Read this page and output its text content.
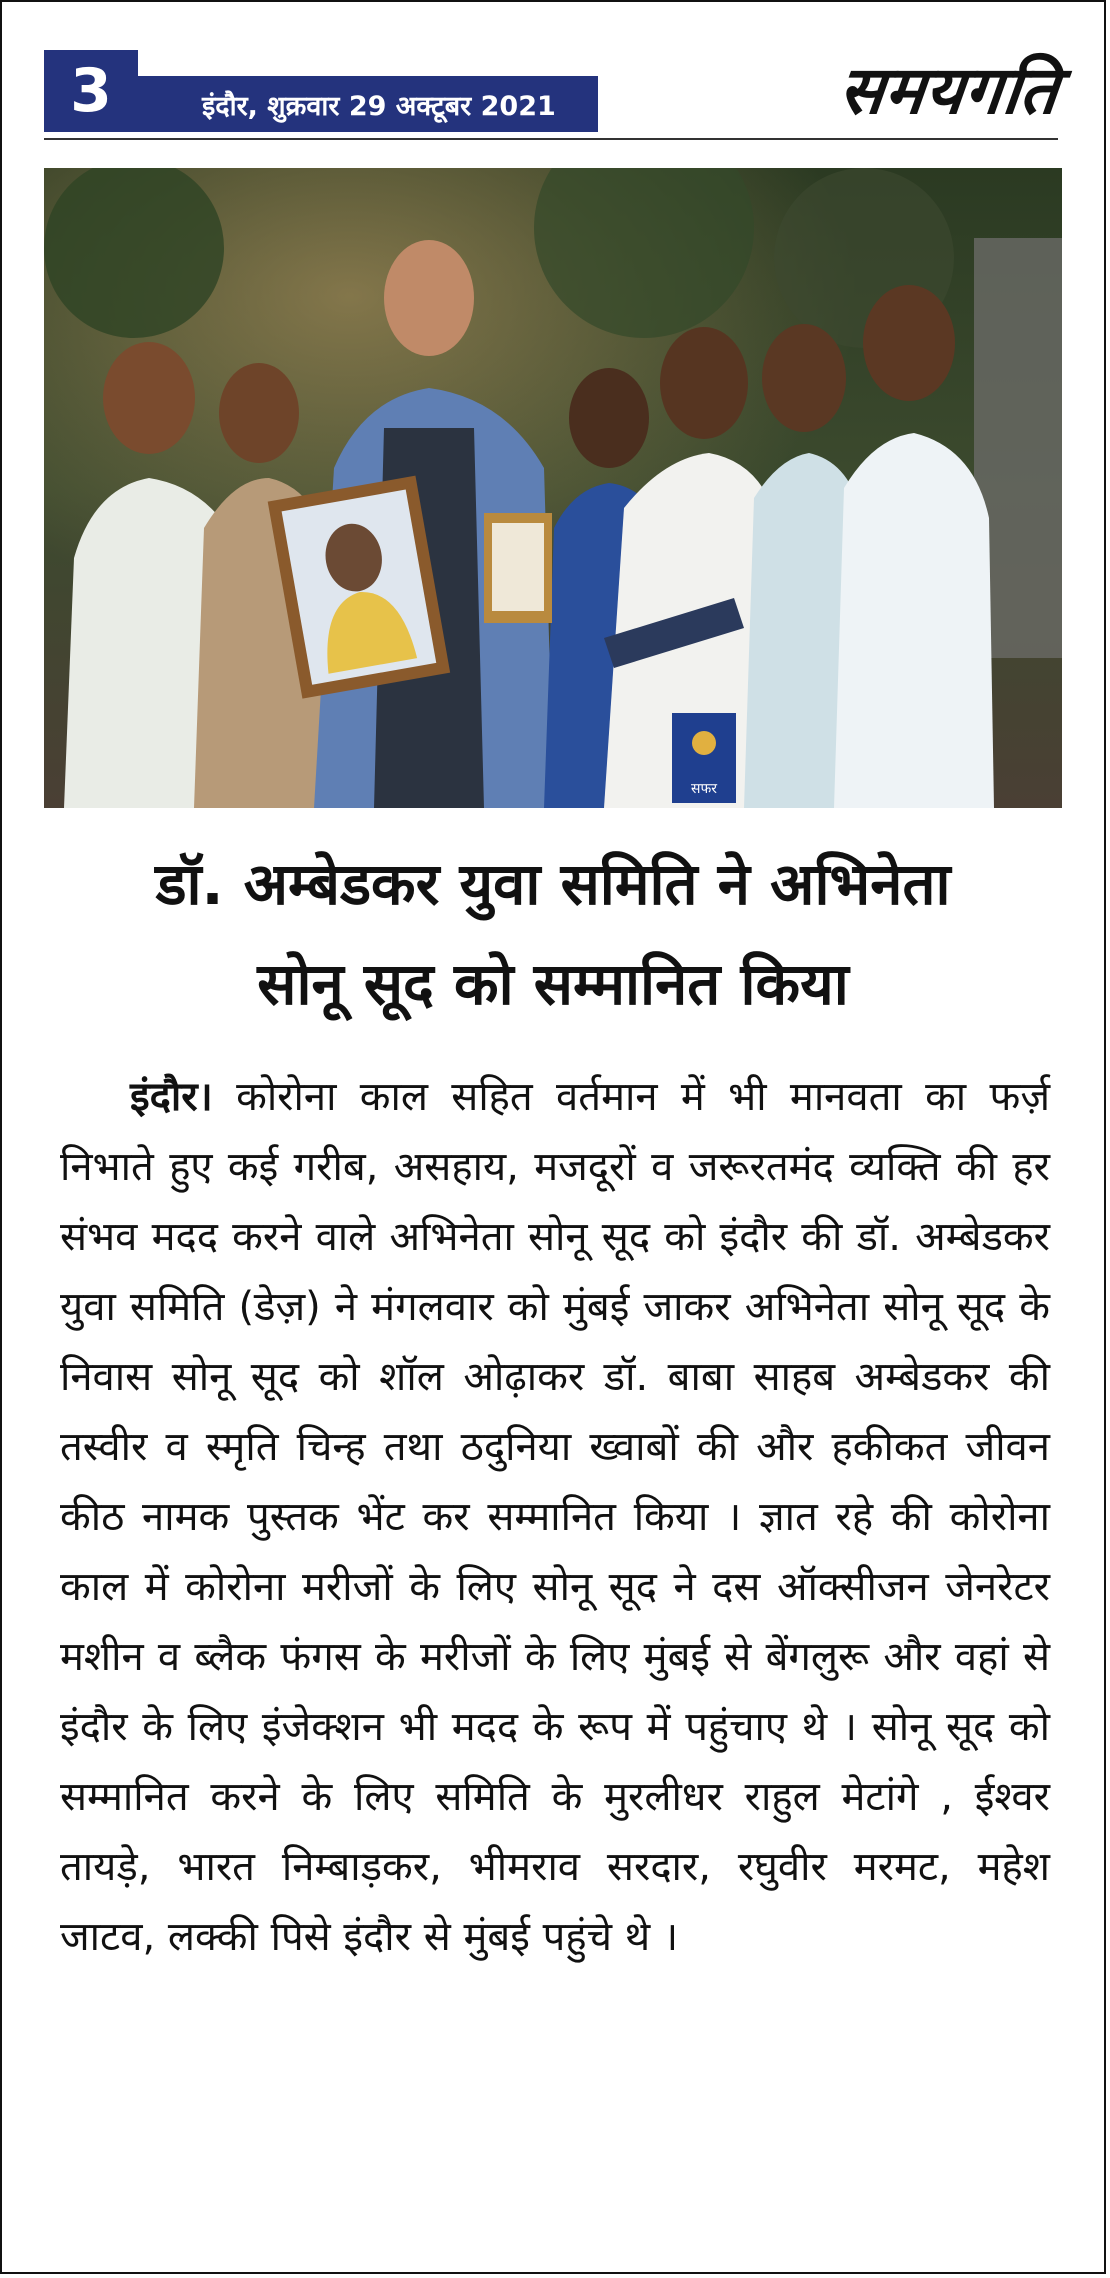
3	इंदौर, शुक्रवार 29 अक्टूबर 2021	समयगति
सफर
डॉ. अम्बेडकर युवा समिति ने अभिनेता
सोनू सूद को सम्मानित किया

इंदौर। कोरोना काल सहित वर्तमान में भी मानवता का फर्ज़ निभाते हुए कई गरीब, असहाय, मजदूरों व जरूरतमंद व्यक्ति की हर संभव मदद करने वाले अभिनेता सोनू सूद को इंदौर की डॉ. अम्बेडकर युवा समिति (डेज़) ने मंगलवार को मुंबई जाकर अभिनेता सोनू सूद के निवास सोनू सूद को शॉल ओढ़ाकर डॉ. बाबा साहब अम्बेडकर की तस्वीर व स्मृति चिन्ह तथा ठदुनिया ख्वाबों की और हकीकत जीवन कीठ नामक पुस्तक भेंट कर सम्मानित किया । ज्ञात रहे की कोरोना काल में कोरोना मरीजों के लिए सोनू सूद ने दस ऑक्सीजन जेनरेटर मशीन व ब्लैक फंगस के मरीजों के लिए मुंबई से बेंगलुरू और वहां से इंदौर के लिए इंजेक्शन भी मदद के रूप में पहुंचाए थे । सोनू सूद को सम्मानित करने के लिए समिति के मुरलीधर राहुल मेटांगे , ईश्वर तायड़े, भारत निम्बाड़कर, भीमराव सरदार, रघुवीर मरमट, महेश जाटव, लक्की पिसे इंदौर से मुंबई पहुंचे थे ।
